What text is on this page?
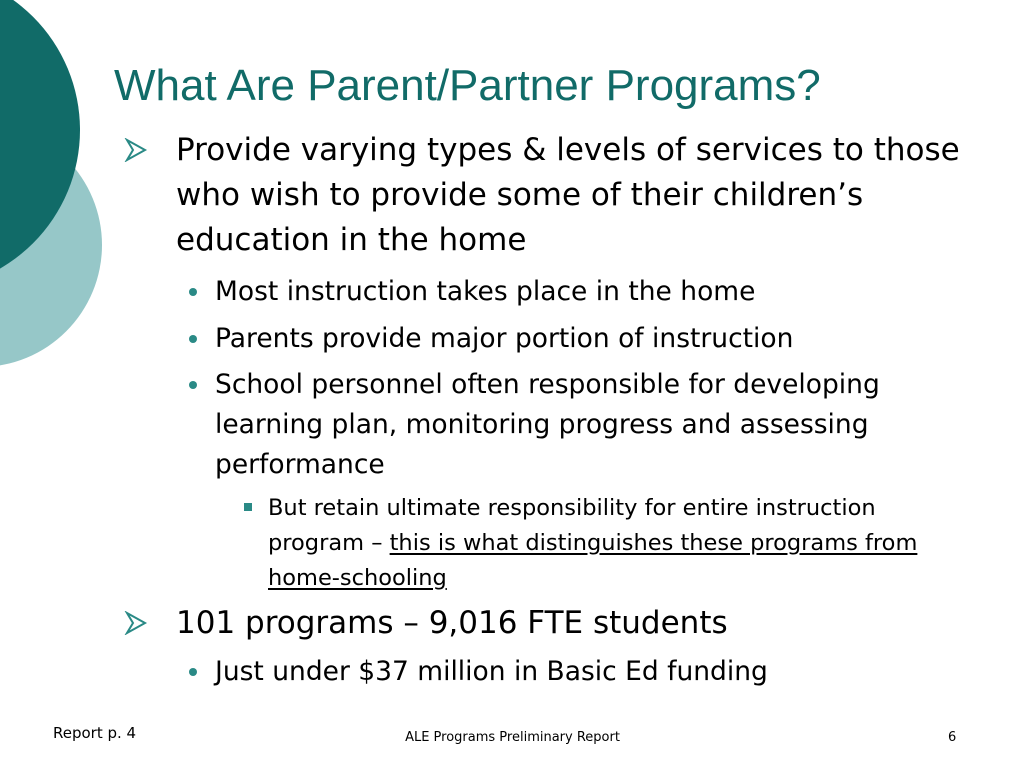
What Are Parent/Partner Programs?
Provide varying types & levels of services to those who wish to provide some of their children’s education in the home
Most instruction takes place in the home
Parents provide major portion of instruction
School personnel often responsible for developing learning plan, monitoring progress and assessing performance
But retain ultimate responsibility for entire instruction program – this is what distinguishes these programs from home-schooling
101 programs – 9,016 FTE students
Just under $37 million in Basic Ed funding
Report p. 4	ALE Programs Preliminary Report	6
